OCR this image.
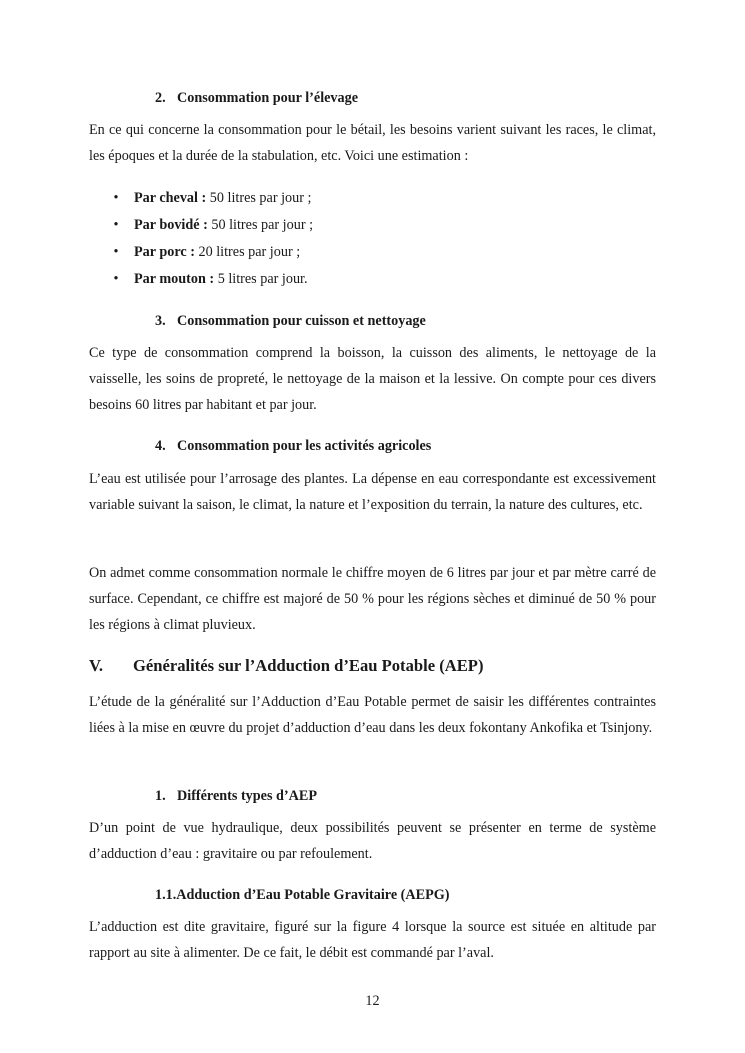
2. Consommation pour l’élevage

En ce qui concerne la consommation pour le bétail, les besoins varient suivant les races, le climat, les époques et la durée de la stabulation, etc. Voici une estimation :

• Par cheval : 50 litres par jour ;
• Par bovidé : 50 litres par jour ;
• Par porc : 20 litres par jour ;
• Par mouton : 5 litres par jour.
3. Consommation pour cuisson et nettoyage

Ce type de consommation comprend la boisson, la cuisson des aliments, le nettoyage de la vaisselle, les soins de propreté, le nettoyage de la maison et la lessive. On compte pour ces divers besoins 60 litres par habitant et par jour.

4. Consommation pour les activités agricoles

L’eau est utilisée pour l’arrosage des plantes. La dépense en eau correspondante est excessivement variable suivant la saison, le climat, la nature et l’exposition du terrain, la nature des cultures, etc.

On admet comme consommation normale le chiffre moyen de 6 litres par jour et par mètre carré de surface. Cependant, ce chiffre est majoré de 50 % pour les régions sèches et diminué de 50 % pour les régions à climat pluvieux.

V. Généralités sur l’Adduction d’Eau Potable (AEP)

L’étude de la généralité sur l’Adduction d’Eau Potable permet de saisir les différentes contraintes liées à la mise en œuvre du projet d’adduction d’eau dans les deux fokontany Ankofika et Tsinjony.

1. Différents types d’AEP

D’un point de vue hydraulique, deux possibilités peuvent se présenter en terme de système d’adduction d’eau : gravitaire ou par refoulement.

1.1.Adduction d’Eau Potable Gravitaire (AEPG)

L’adduction est dite gravitaire, figuré sur la figure 4 lorsque la source est située en altitude par rapport au site à alimenter. De ce fait, le débit est commandé par l’aval.

12
